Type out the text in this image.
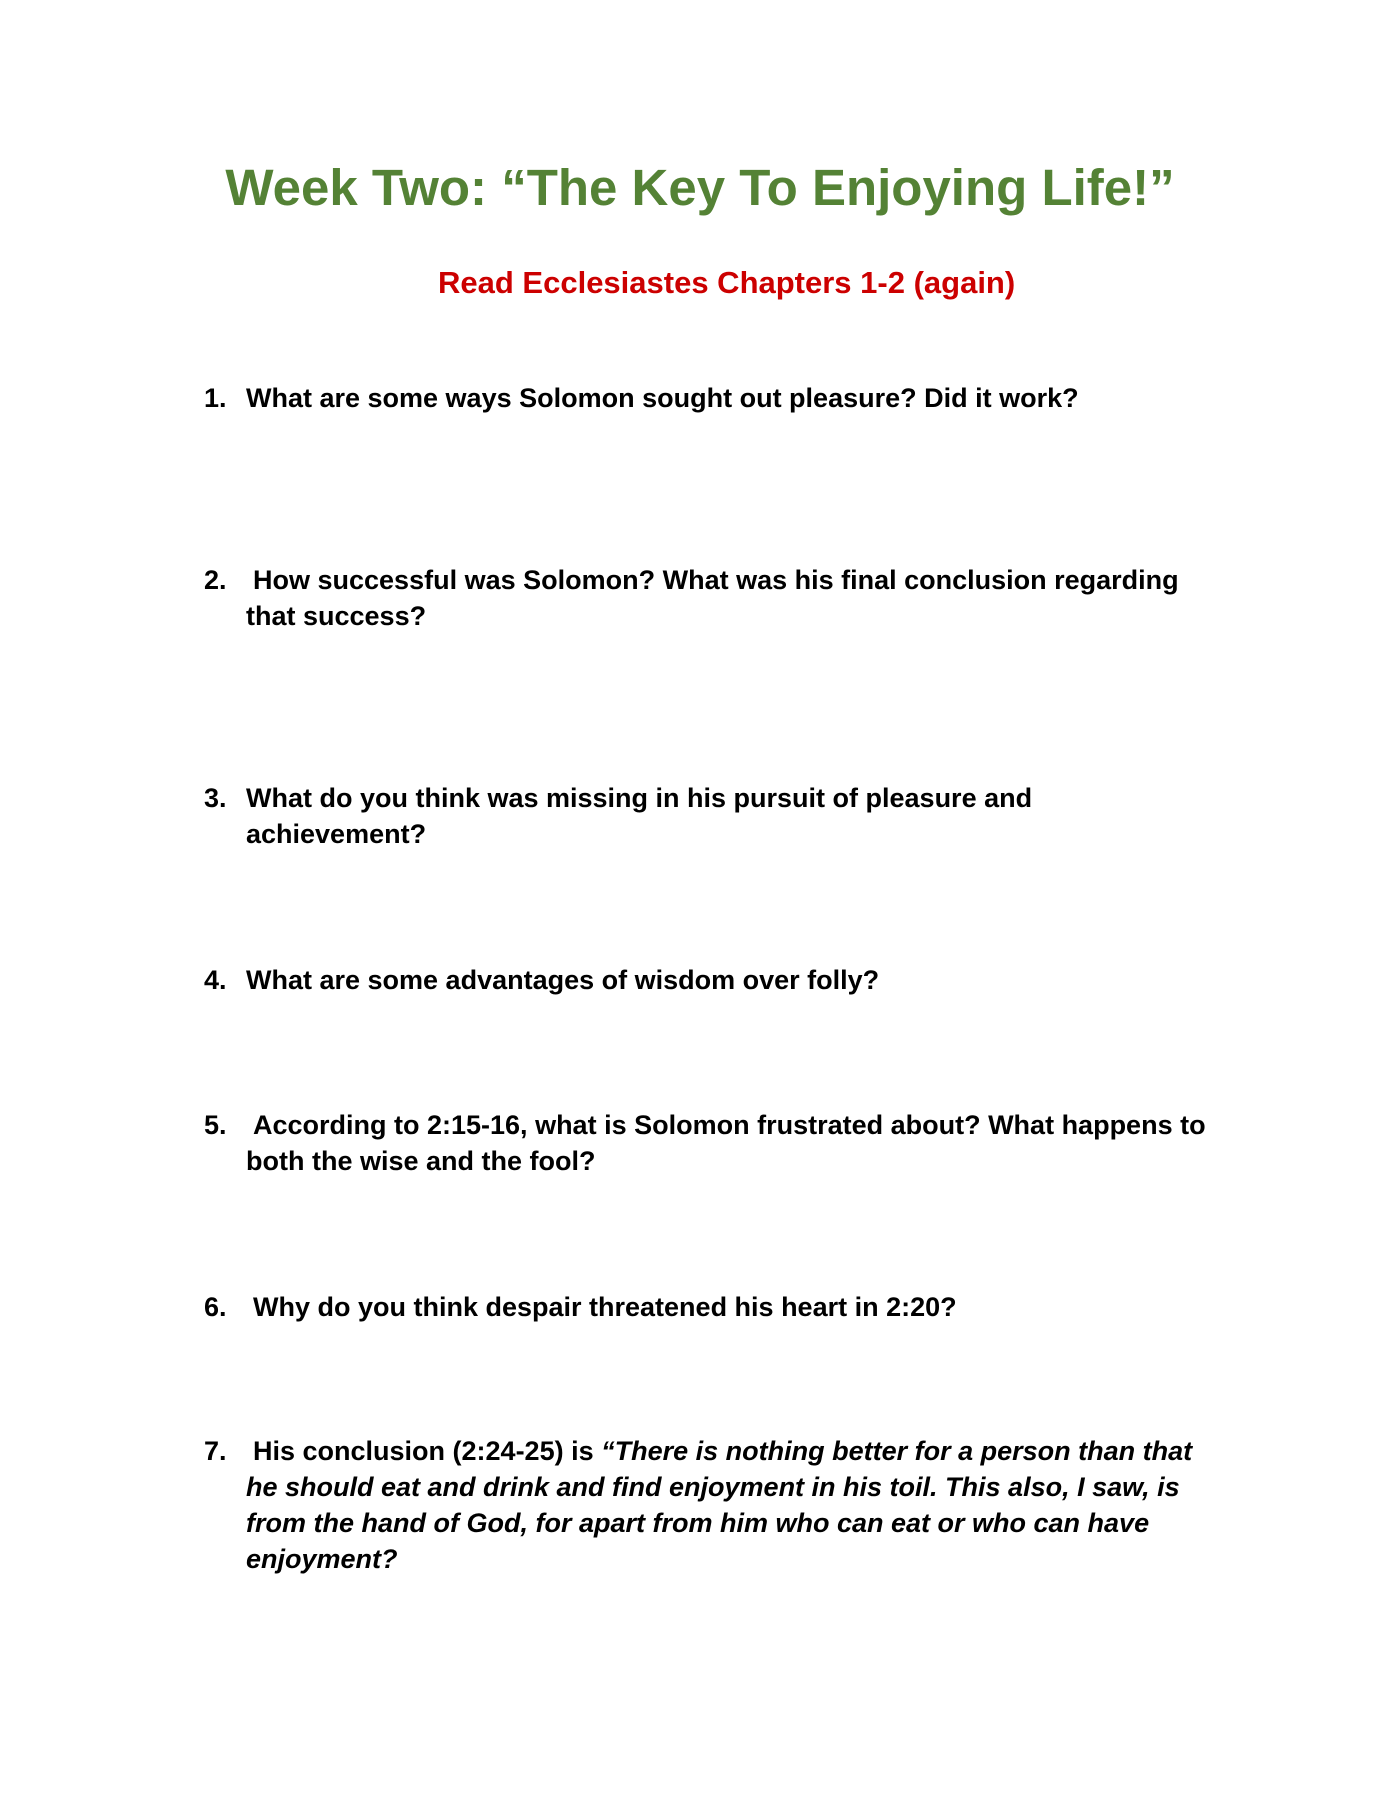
Week Two: “The Key To Enjoying Life!”
Read Ecclesiastes Chapters 1-2 (again)
1. What are some ways Solomon sought out pleasure? Did it work?
2. How successful was Solomon? What was his final conclusion regarding
that success?
3. What do you think was missing in his pursuit of pleasure and
achievement?
4. What are some advantages of wisdom over folly?
5. According to 2:15-16, what is Solomon frustrated about? What happens to
both the wise and the fool?
6. Why do you think despair threatened his heart in 2:20?
7. His conclusion (2:24-25) is “There is nothing better for a person than that
he should eat and drink and find enjoyment in his toil. This also, I saw, is
from the hand of God, for apart from him who can eat or who can have
enjoyment?
